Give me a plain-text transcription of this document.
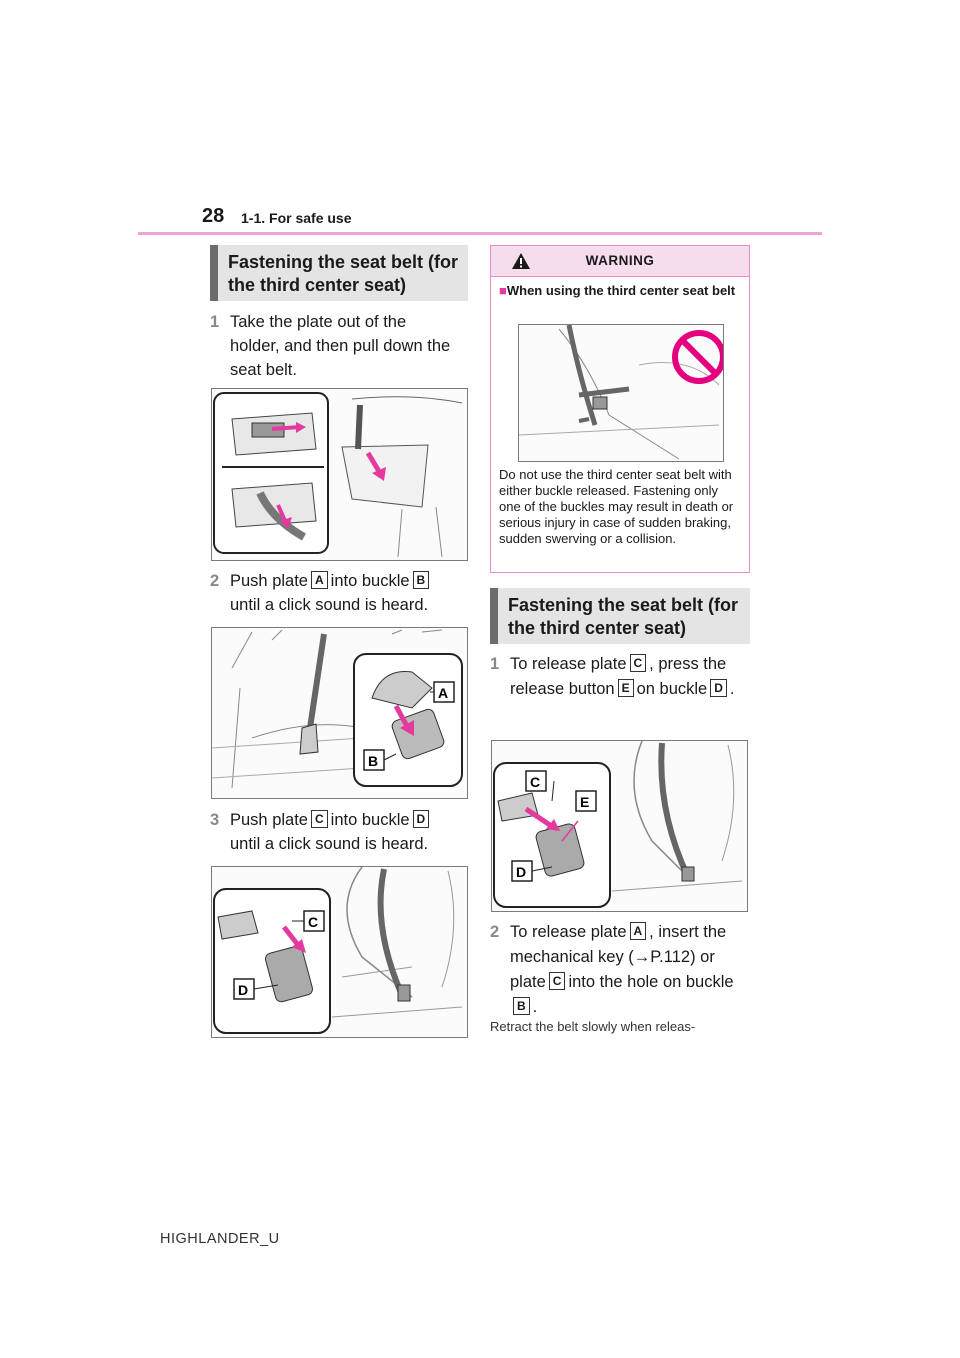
28 1-1. For safe use
Fastening the seat belt (for the third center seat)
1 Take the plate out of the holder, and then pull down the seat belt.
2 Push plate A into buckle B
until a click sound is heard.
A
B
3 Push plate C into buckle D
until a click sound is heard.
C
D
WARNING
■When using the third center seat belt
Do not use the third center seat belt with either buckle released. Fastening only one of the buckles may result in death or serious injury in case of sudden braking, sudden swerving or a collision.
Fastening the seat belt (for the third center seat)
1 To release plate C , press the release button E on buckle D .
C
E
D
2 To release plate A , insert the mechanical key (→P.112) or plate C into the hole on buckleB .
Retract the belt slowly when releas-
HIGHLANDER_U
